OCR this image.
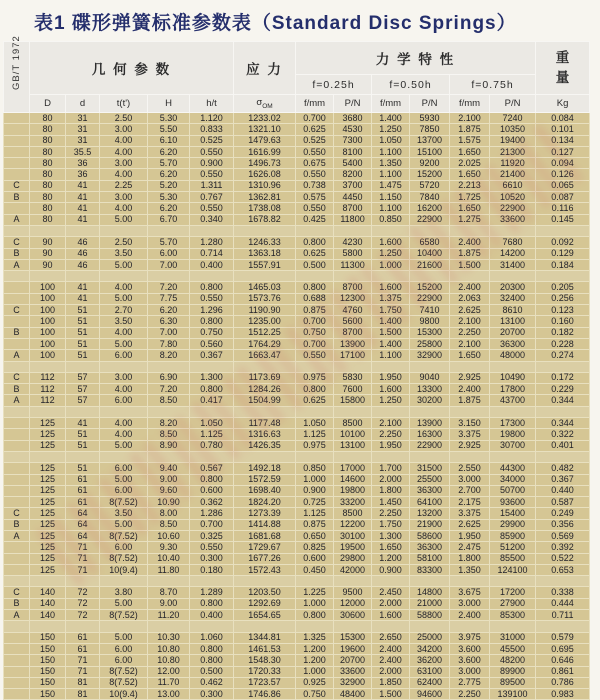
表1 碟形弹簧标准参数表（Standard Disc Springs）
GB/T 1972	几 何 参 数					应 力	力 学 特 性						重量

							f=0.25h		f=0.50h		f=0.75h		
	D	d	t(t')	H	h/t	$\sigma_{OM}$	f/mm	P/N	f/mm	P/N	f/mm	P/N	Kg
	80	31	2.50	5.30	1.120	1233.02	0.700	3680	1.400	5930	2.100	7240	0.084
	80	31	3.00	5.50	0.833	1321.10	0.625	4530	1.250	7850	1.875	10350	0.101
	80	31	4.00	6.10	0.525	1479.63	0.525	7300	1.050	13700	1.575	19400	0.134
	80	35.5	4.00	6.20	0.550	1616.99	0.550	8100	1.100	15100	1.650	21300	0.127
	80	36	3.00	5.70	0.900	1496.73	0.675	5400	1.350	9200	2.025	11920	0.094
	80	36	4.00	6.20	0.550	1626.08	0.550	8200	1.100	15200	1.650	21400	0.126
C	80	41	2.25	5.20	1.311	1310.96	0.738	3700	1.475	5720	2.213	6610	0.065
B	80	41	3.00	5.30	0.767	1362.81	0.575	4450	1.150	7840	1.725	10520	0.087
	80	41	4.00	6.20	0.550	1738.08	0.550	8700	1.100	16200	1.650	22900	0.116
A	80	41	5.00	6.70	0.340	1678.82	0.425	11800	0.850	22900	1.275	33600	0.145

C	90	46	2.50	5.70	1.280	1246.33	0.800	4230	1.600	6580	2.400	7680	0.092
B	90	46	3.50	6.00	0.714	1363.18	0.625	5800	1.250	10400	1.875	14200	0.129
A	90	46	5.00	7.00	0.400	1557.91	0.500	11300	1.000	21600	1.500	31400	0.184

	100	41	4.00	7.20	0.800	1465.03	0.800	8700	1.600	15200	2.400	20300	0.205
	100	41	5.00	7.75	0.550	1573.76	0.688	12300	1.375	22900	2.063	32400	0.256
C	100	51	2.70	6.20	1.296	1190.90	0.875	4760	1.750	7410	2.625	8610	0.123
	100	51	3.50	6.30	0.800	1235.00	0.700	5600	1.400	9800	2.100	13100	0.160
B	100	51	4.00	7.00	0.750	1512.25	0.750	8700	1.500	15300	2.250	20700	0.182
	100	51	5.00	7.80	0.560	1764.29	0.700	13900	1.400	25800	2.100	36300	0.228
A	100	51	6.00	8.20	0.367	1663.47	0.550	17100	1.100	32900	1.650	48000	0.274

C	112	57	3.00	6.90	1.300	1173.69	0.975	5830	1.950	9040	2.925	10490	0.172
B	112	57	4.00	7.20	0.800	1284.26	0.800	7600	1.600	13300	2.400	17800	0.229
A	112	57	6.00	8.50	0.417	1504.99	0.625	15800	1.250	30200	1.875	43700	0.344

	125	41	4.00	8.20	1.050	1177.48	1.050	8500	2.100	13900	3.150	17300	0.344
	125	51	4.00	8.50	1.125	1316.63	1.125	10100	2.250	16300	3.375	19800	0.322
	125	51	5.00	8.90	0.780	1426.35	0.975	13100	1.950	22900	2.925	30700	0.401

	125	51	6.00	9.40	0.567	1492.18	0.850	17000	1.700	31500	2.550	44300	0.482
	125	61	5.00	9.00	0.800	1572.59	1.000	14600	2.000	25500	3.000	34000	0.367
	125	61	6.00	9.60	0.600	1698.40	0.900	19800	1.800	36300	2.700	50700	0.440
	125	61	8(7.52)	10.90	0.362	1824.20	0.725	33200	1.450	64100	2.175	93600	0.587
C	125	64	3.50	8.00	1.286	1273.39	1.125	8500	2.250	13200	3.375	15400	0.249
B	125	64	5.00	8.50	0.700	1414.88	0.875	12200	1.750	21900	2.625	29900	0.356
A	125	64	8(7.52)	10.60	0.325	1681.68	0.650	30100	1.300	58600	1.950	85900	0.569
	125	71	6.00	9.30	0.550	1729.67	0.825	19500	1.650	36300	2.475	51200	0.392
	125	71	8(7.52)	10.40	0.300	1677.26	0.600	29800	1.200	58100	1.800	85500	0.522
	125	71	10(9.4)	11.80	0.180	1572.43	0.450	42000	0.900	83300	1.350	124100	0.653

C	140	72	3.80	8.70	1.289	1203.50	1.225	9500	2.450	14800	3.675	17200	0.338
B	140	72	5.00	9.00	0.800	1292.69	1.000	12000	2.000	21000	3.000	27900	0.444
A	140	72	8(7.52)	11.20	0.400	1654.65	0.800	30600	1.600	58800	2.400	85300	0.711

	150	61	5.00	10.30	1.060	1344.81	1.325	15300	2.650	25000	3.975	31000	0.579
	150	61	6.00	10.80	0.800	1461.53	1.200	19600	2.400	34200	3.600	45500	0.695
	150	71	6.00	10.80	0.800	1548.30	1.200	20700	2.400	36200	3.600	48200	0.646
	150	71	8(7.52)	12.00	0.500	1720.33	1.000	33600	2.000	63100	3.000	89900	0.861
	150	81	8(7.52)	11.70	0.462	1723.57	0.925	32900	1.850	62400	2.775	89500	0.786
	150	81	10(9.4)	13.00	0.300	1746.86	0.750	48400	1.500	94600	2.250	139100	0.983
